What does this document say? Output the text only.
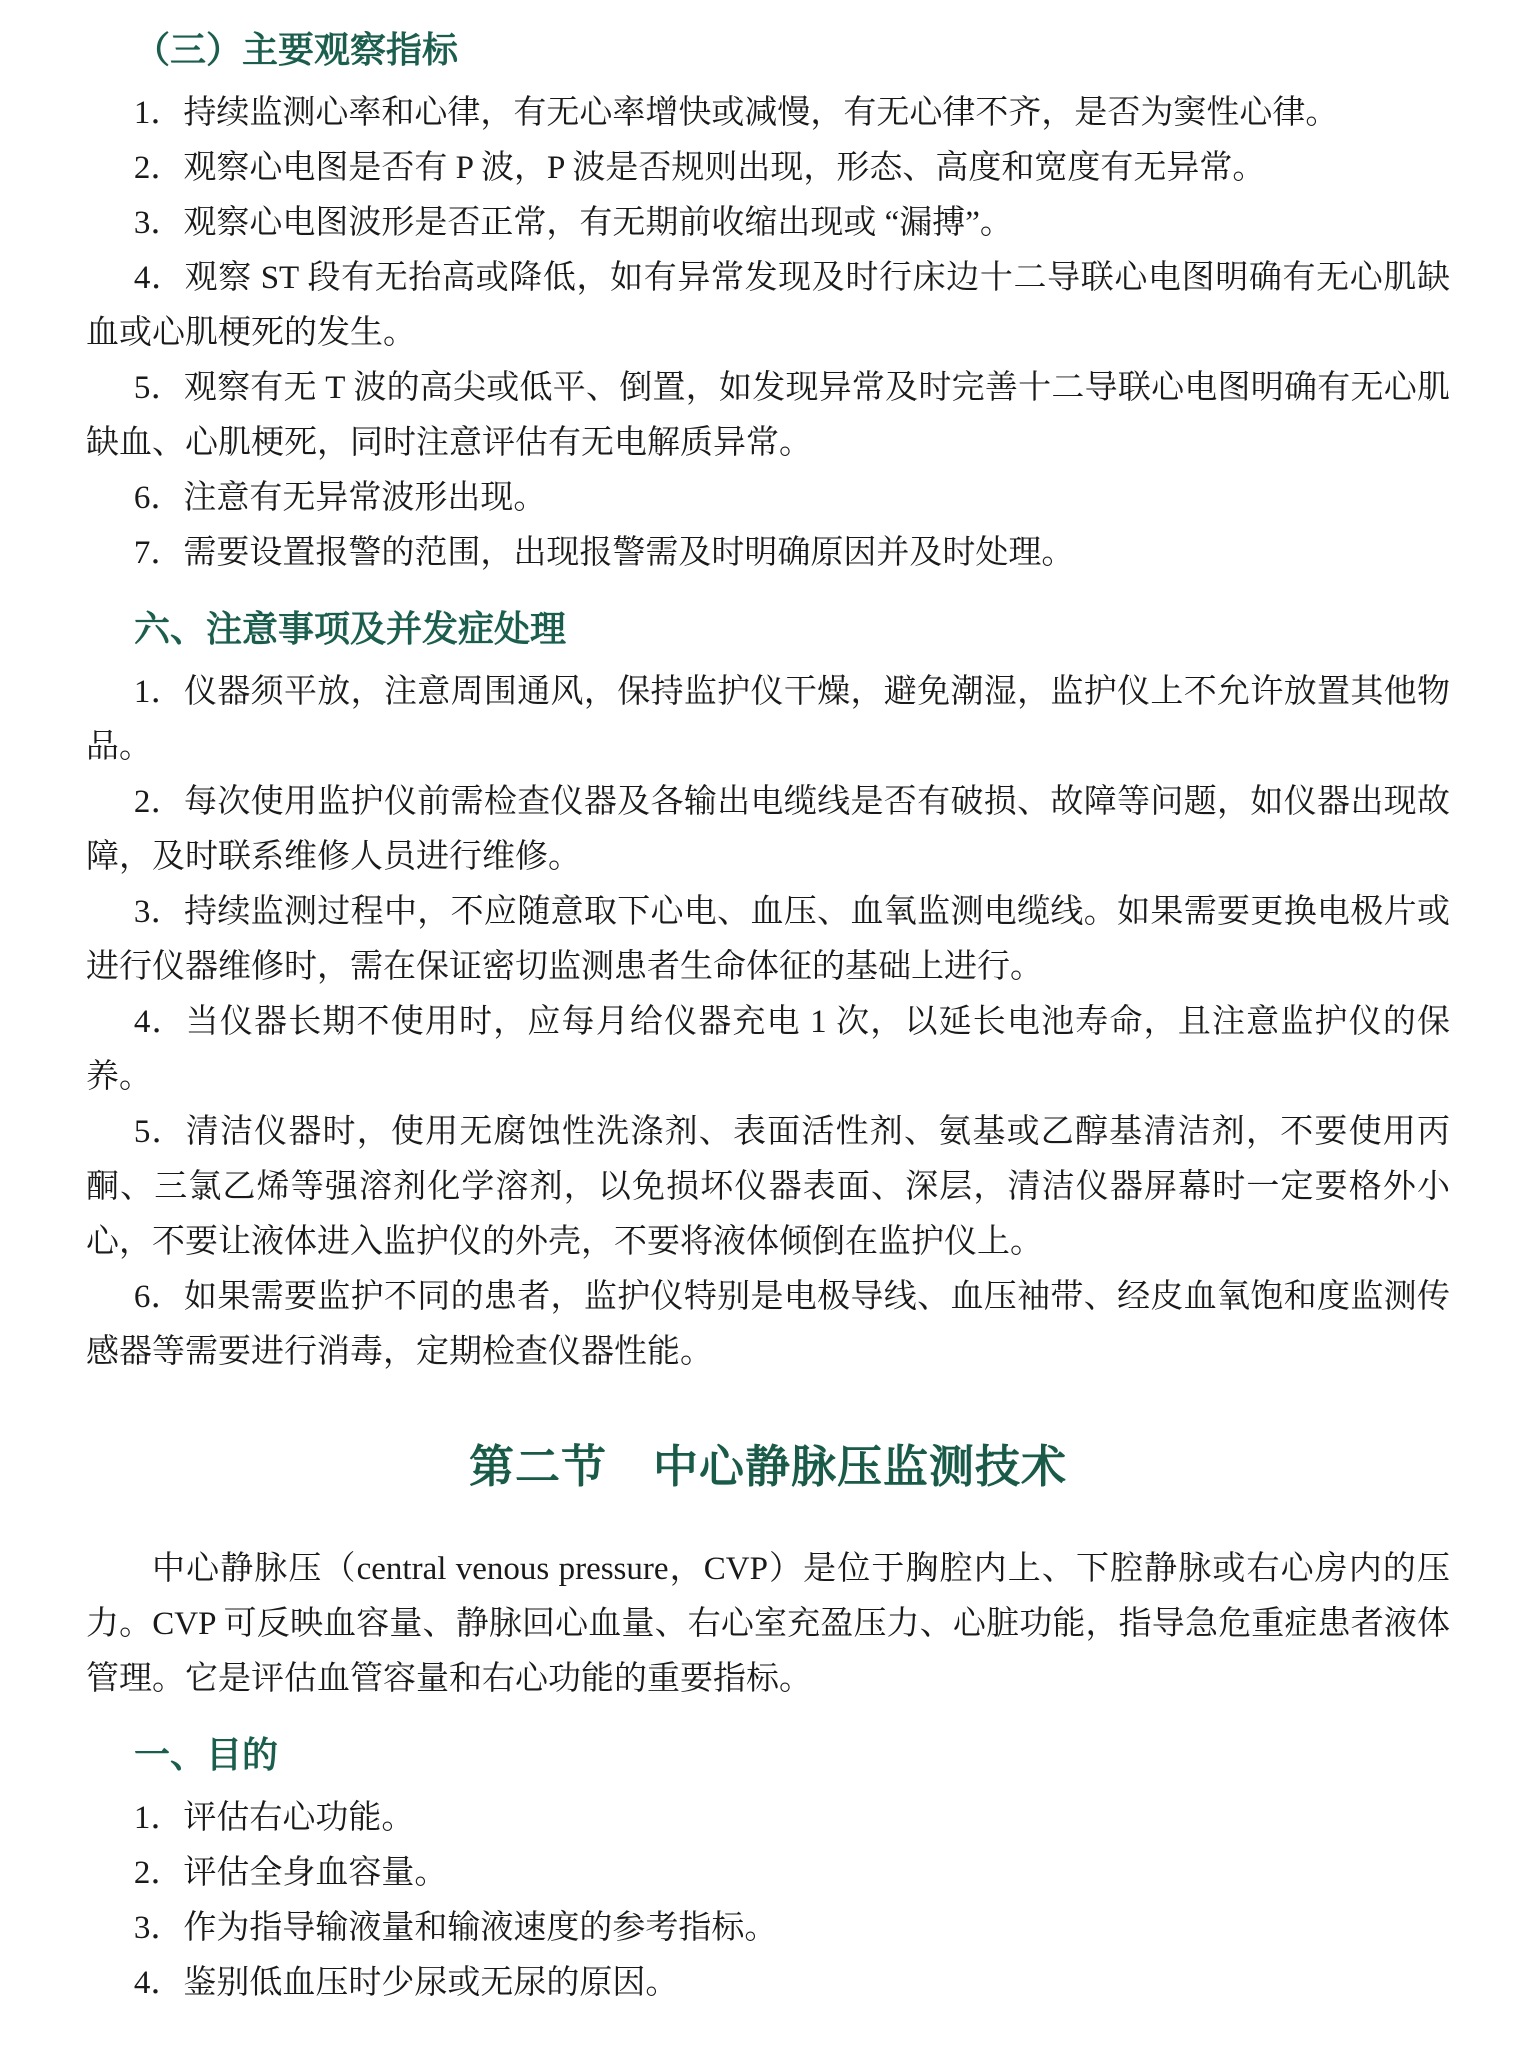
（三）主要观察指标

1．持续监测心率和心律，有无心率增快或减慢，有无心律不齐，是否为窦性心律。

2．观察心电图是否有 P 波，P 波是否规则出现，形态、高度和宽度有无异常。

3．观察心电图波形是否正常，有无期前收缩出现或 “漏搏”。

4．观察 ST 段有无抬高或降低，如有异常发现及时行床边十二导联心电图明确有无心肌缺血或心肌梗死的发生。

5．观察有无 T 波的高尖或低平、倒置，如发现异常及时完善十二导联心电图明确有无心肌缺血、心肌梗死，同时注意评估有无电解质异常。

6．注意有无异常波形出现。

7．需要设置报警的范围，出现报警需及时明确原因并及时处理。

六、注意事项及并发症处理

1．仪器须平放，注意周围通风，保持监护仪干燥，避免潮湿，监护仪上不允许放置其他物品。

2．每次使用监护仪前需检查仪器及各输出电缆线是否有破损、故障等问题，如仪器出现故障，及时联系维修人员进行维修。

3．持续监测过程中，不应随意取下心电、血压、血氧监测电缆线。如果需要更换电极片或进行仪器维修时，需在保证密切监测患者生命体征的基础上进行。

4．当仪器长期不使用时，应每月给仪器充电 1 次，以延长电池寿命，且注意监护仪的保养。

5．清洁仪器时，使用无腐蚀性洗涤剂、表面活性剂、氨基或乙醇基清洁剂，不要使用丙酮、三氯乙烯等强溶剂化学溶剂，以免损坏仪器表面、深层，清洁仪器屏幕时一定要格外小心，不要让液体进入监护仪的外壳，不要将液体倾倒在监护仪上。

6．如果需要监护不同的患者，监护仪特别是电极导线、血压袖带、经皮血氧饱和度监测传感器等需要进行消毒，定期检查仪器性能。

第二节　中心静脉压监测技术

中心静脉压（central venous pressure，CVP）是位于胸腔内上、下腔静脉或右心房内的压力。CVP 可反映血容量、静脉回心血量、右心室充盈压力、心脏功能，指导急危重症患者液体管理。它是评估血管容量和右心功能的重要指标。

一、目的

1．评估右心功能。

2．评估全身血容量。

3．作为指导输液量和输液速度的参考指标。

4．鉴别低血压时少尿或无尿的原因。
